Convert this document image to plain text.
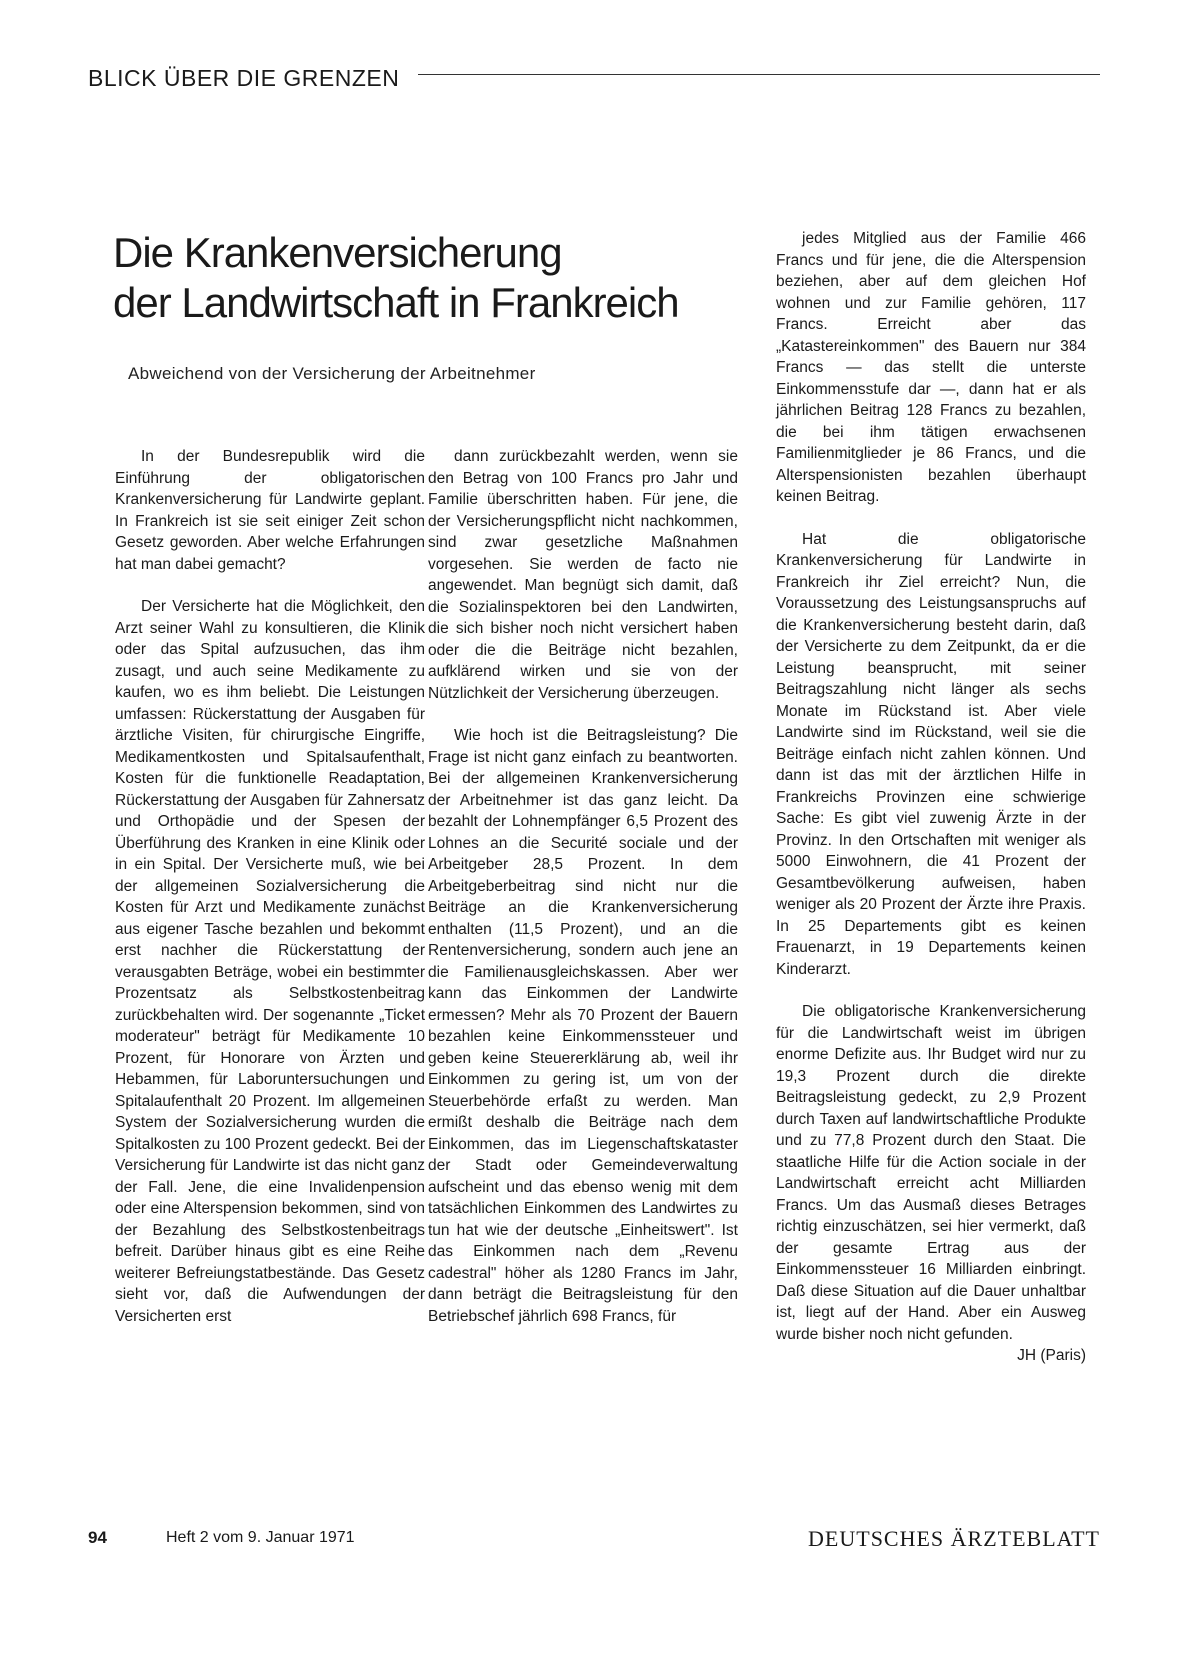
BLICK ÜBER DIE GRENZEN
Die Krankenversicherung
der Landwirtschaft in Frankreich
Abweichend von der Versicherung der Arbeitnehmer

In der Bundesrepublik wird die Einführung der obligatorischen Krankenversicherung für Landwirte geplant. In Frankreich ist sie seit einiger Zeit schon Gesetz geworden. Aber welche Erfahrungen hat man dabei gemacht?

Der Versicherte hat die Möglichkeit, den Arzt seiner Wahl zu konsultieren, die Klinik oder das Spital aufzusuchen, das ihm zusagt, und auch seine Medikamente zu kaufen, wo es ihm beliebt. Die Leistungen umfassen: Rückerstattung der Ausgaben für ärztliche Visiten, für chirurgische Eingriffe, Medikamentkosten und Spitalsaufenthalt, Kosten für die funktionelle Readaptation, Rückerstattung der Ausgaben für Zahnersatz und Orthopädie und der Spesen der Überführung des Kranken in eine Klinik oder in ein Spital. Der Versicherte muß, wie bei der allgemeinen Sozialversicherung die Kosten für Arzt und Medikamente zunächst aus eigener Tasche bezahlen und bekommt erst nachher die Rückerstattung der verausgabten Beträge, wobei ein bestimmter Prozentsatz als Selbstkostenbeitrag zurückbehalten wird. Der sogenannte „Ticket moderateur" beträgt für Medikamente 10 Prozent, für Honorare von Ärzten und Hebammen, für Laboruntersuchungen und Spitalaufenthalt 20 Prozent. Im allgemeinen System der Sozialversicherung wurden die Spitalkosten zu 100 Prozent gedeckt. Bei der Versicherung für Landwirte ist das nicht ganz der Fall. Jene, die eine Invalidenpension oder eine Alterspension bekommen, sind von der Bezahlung des Selbstkostenbeitrags befreit. Darüber hinaus gibt es eine Reihe weiterer Befreiungstatbestände. Das Gesetz sieht vor, daß die Aufwendungen der Versicherten erst

dann zurückbezahlt werden, wenn sie den Betrag von 100 Francs pro Jahr und Familie überschritten haben. Für jene, die der Versicherungspflicht nicht nachkommen, sind zwar gesetzliche Maßnahmen vorgesehen. Sie werden de facto nie angewendet. Man begnügt sich damit, daß die Sozialinspektoren bei den Landwirten, die sich bisher noch nicht versichert haben oder die die Beiträge nicht bezahlen, aufklärend wirken und sie von der Nützlichkeit der Versicherung überzeugen.

Wie hoch ist die Beitragsleistung? Die Frage ist nicht ganz einfach zu beantworten. Bei der allgemeinen Krankenversicherung der Arbeitnehmer ist das ganz leicht. Da bezahlt der Lohnempfänger 6,5 Prozent des Lohnes an die Securité sociale und der Arbeitgeber 28,5 Prozent. In dem Arbeitgeberbeitrag sind nicht nur die Beiträge an die Krankenversicherung enthalten (11,5 Prozent), und an die Rentenversicherung, sondern auch jene an die Familienausgleichskassen. Aber wer kann das Einkommen der Landwirte ermessen? Mehr als 70 Prozent der Bauern bezahlen keine Einkommenssteuer und geben keine Steuererklärung ab, weil ihr Einkommen zu gering ist, um von der Steuerbehörde erfaßt zu werden. Man ermißt deshalb die Beiträge nach dem Einkommen, das im Liegenschaftskataster der Stadt oder Gemeindeverwaltung aufscheint und das ebenso wenig mit dem tatsächlichen Einkommen des Landwirtes zu tun hat wie der deutsche „Einheitswert". Ist das Einkommen nach dem „Revenu cadestral" höher als 1280 Francs im Jahr, dann beträgt die Beitragsleistung für den Betriebschef jährlich 698 Francs, für

jedes Mitglied aus der Familie 466 Francs und für jene, die die Alterspension beziehen, aber auf dem gleichen Hof wohnen und zur Familie gehören, 117 Francs. Erreicht aber das „Katastereinkommen" des Bauern nur 384 Francs — das stellt die unterste Einkommensstufe dar —, dann hat er als jährlichen Beitrag 128 Francs zu bezahlen, die bei ihm tätigen erwachsenen Familienmitglieder je 86 Francs, und die Alterspensionisten bezahlen überhaupt keinen Beitrag.

Hat die obligatorische Krankenversicherung für Landwirte in Frankreich ihr Ziel erreicht? Nun, die Voraussetzung des Leistungsanspruchs auf die Krankenversicherung besteht darin, daß der Versicherte zu dem Zeitpunkt, da er die Leistung beansprucht, mit seiner Beitragszahlung nicht länger als sechs Monate im Rückstand ist. Aber viele Landwirte sind im Rückstand, weil sie die Beiträge einfach nicht zahlen können. Und dann ist das mit der ärztlichen Hilfe in Frankreichs Provinzen eine schwierige Sache: Es gibt viel zuwenig Ärzte in der Provinz. In den Ortschaften mit weniger als 5000 Einwohnern, die 41 Prozent der Gesamtbevölkerung aufweisen, haben weniger als 20 Prozent der Ärzte ihre Praxis. In 25 Departements gibt es keinen Frauenarzt, in 19 Departements keinen Kinderarzt.

Die obligatorische Krankenversicherung für die Landwirtschaft weist im übrigen enorme Defizite aus. Ihr Budget wird nur zu 19,3 Prozent durch die direkte Beitragsleistung gedeckt, zu 2,9 Prozent durch Taxen auf landwirtschaftliche Produkte und zu 77,8 Prozent durch den Staat. Die staatliche Hilfe für die Action sociale in der Landwirtschaft erreicht acht Milliarden Francs. Um das Ausmaß dieses Betrages richtig einzuschätzen, sei hier vermerkt, daß der gesamte Ertrag aus der Einkommenssteuer 16 Milliarden einbringt. Daß diese Situation auf die Dauer unhaltbar ist, liegt auf der Hand. Aber ein Ausweg wurde bisher noch nicht gefunden.
JH (Paris)

94	Heft 2 vom 9. Januar 1971	DEUTSCHES ÄRZTEBLATT
